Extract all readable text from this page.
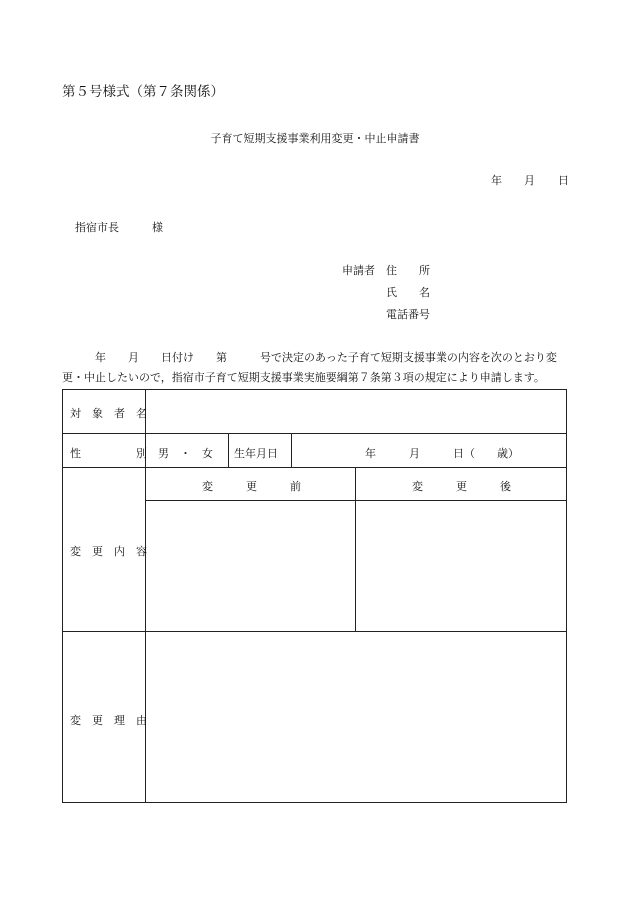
第５号様式（第７条関係）
子育て短期支援事業利用変更・中止申請書
年 月 日
指宿市長	様
申請者 住　　所
氏　　名
電話番号
　　　年　　月　　日付け　　第　　　号で決定のあった子育て短期支援事業の内容を次のとおり変
更・中止したいので，指宿市子育て短期支援事業実施要綱第７条第３項の規定により申請します。
対　象　者　名
性　　　　　別 男　・　女 生年月日	年　　　月　　　日（　　歳）
変　　　更　　　前	変　　　更　　　後
変　更　内　容
変　更　理　由
